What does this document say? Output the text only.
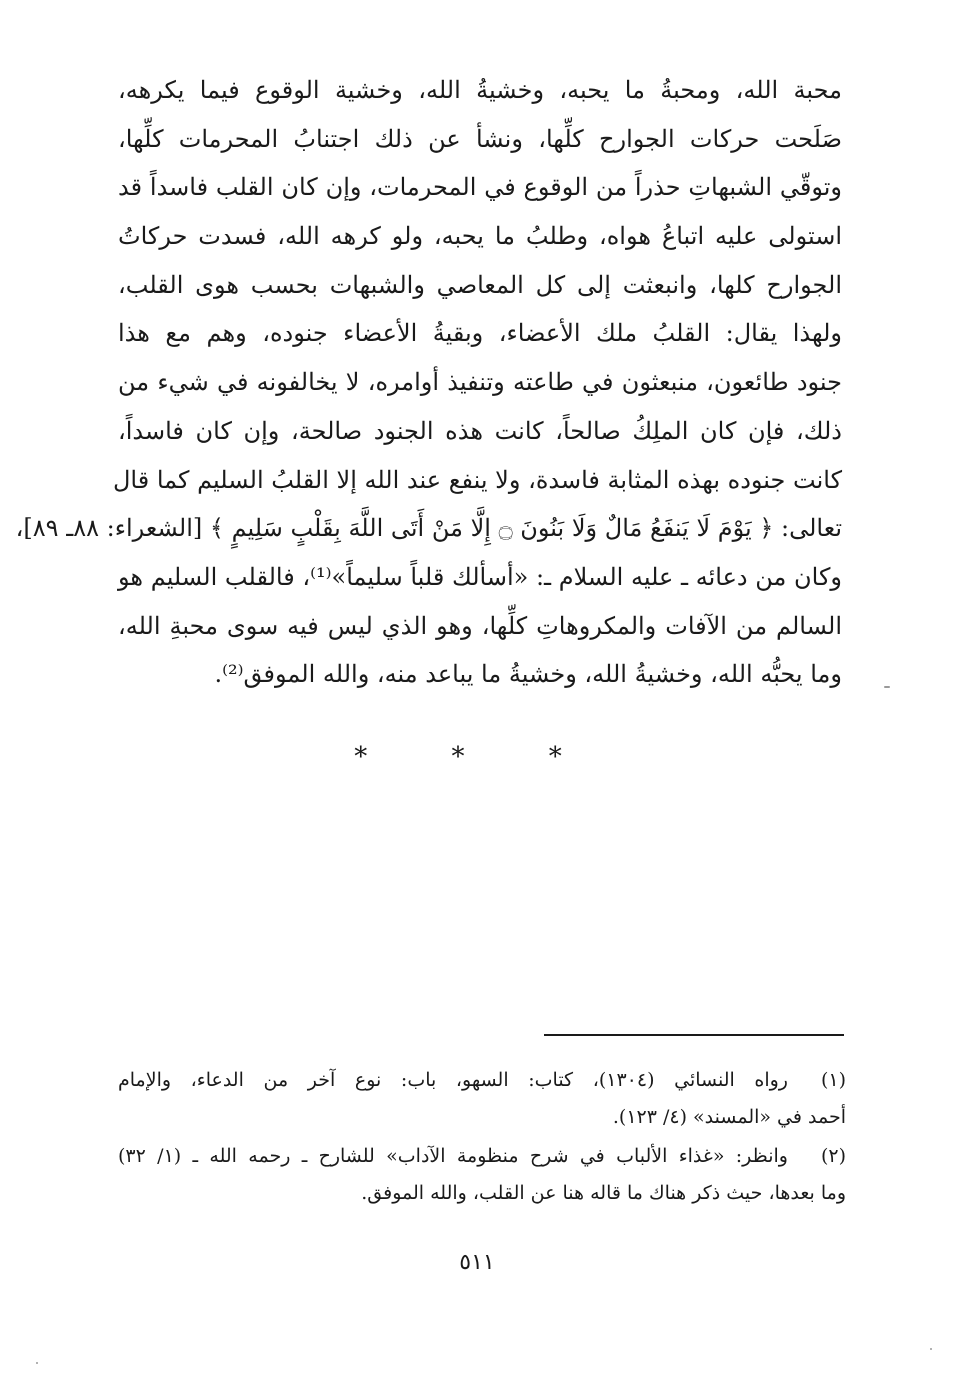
محبة الله، ومحبةُ ما يحبه، وخشيةُ الله، وخشية الوقوع فيما يكرهه،
صَلَحت حركات الجوارح كلِّها، ونشأ عن ذلك اجتنابُ المحرمات كلِّها،
وتوقّي الشبهاتِ حذراً من الوقوع في المحرمات، وإن كان القلب فاسداً قد
استولى عليه اتباعُ هواه، وطلبُ ما يحبه، ولو كرهه الله، فسدت حركاتُ
الجوارح كلها، وانبعثت إلى كل المعاصي والشبهات بحسب هوى القلب،
ولهذا يقال: القلبُ ملك الأعضاء، وبقيةُ الأعضاء جنوده، وهم مع هذا
جنود طائعون، منبعثون في طاعته وتنفيذ أوامره، لا يخالفونه في شيء من
ذلك، فإن كان الملِكُ صالحاً، كانت هذه الجنود صالحة، وإن كان فاسداً،
كانت جنوده بهذه المثابة فاسدة، ولا ينفع عند الله إلا القلبُ السليم كما قال
تعالى: ﴿ يَوْمَ لَا يَنفَعُ مَالٌ وَلَا بَنُونَ ۝ إِلَّا مَنْ أَتَى اللَّهَ بِقَلْبٍ سَلِيمٍ ﴾ [الشعراء: ٨٨ـ ٨٩]،
وكان من دعائه ـ عليه السلام ـ: «أسألك قلباً سليماً»⁽¹⁾، فالقلب السليم هو
السالم من الآفات والمكروهاتِ كلِّها، وهو الذي ليس فيه سوى محبةِ الله،
وما يحبُّه الله، وخشيةُ الله، وخشيةُ ما يباعد منه، والله الموفق⁽²⁾.
* * *
(١)
رواه النسائي (١٣٠٤)، كتاب: السهو، باب: نوع آخر من الدعاء، والإمام
أحمد في «المسند» (٤/ ١٢٣).
(٢)
وانظر: «غذاء الألباب في شرح منظومة الآداب» للشارح ـ رحمه الله ـ (١/ ٣٢)
وما بعدها، حيث ذكر هناك ما قاله هنا عن القلب، والله الموفق.
٥١١
